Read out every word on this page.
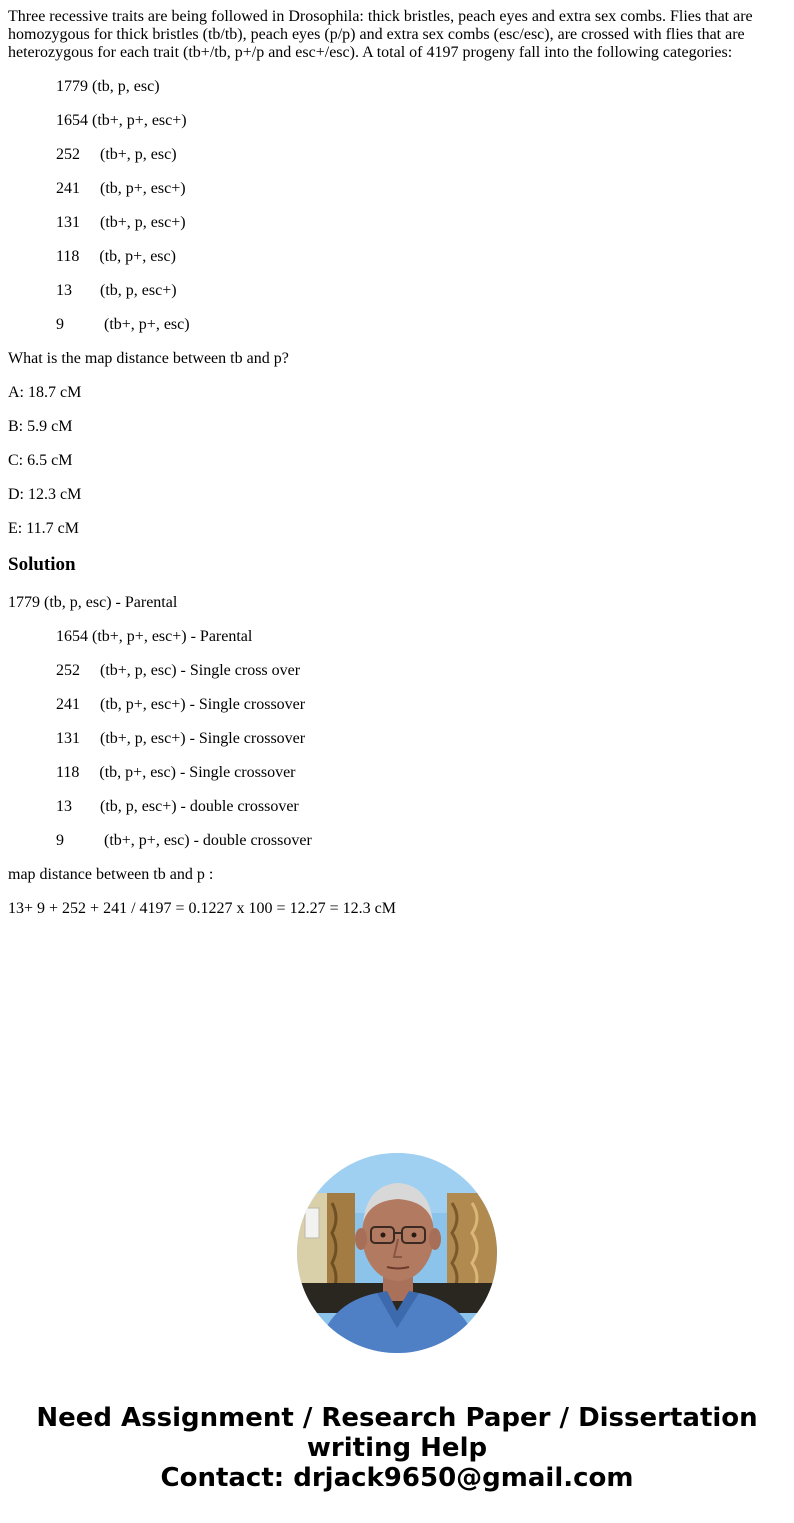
Three recessive traits are being followed in Drosophila: thick bristles, peach eyes and extra sex combs. Flies that are homozygous for thick bristles (tb/tb), peach eyes (p/p) and extra sex combs (esc/esc), are crossed with flies that are heterozygous for each trait (tb+/tb, p+/p and esc+/esc). A total of 4197 progeny fall into the following categories:

1779 (tb, p, esc)
1654 (tb+, p+, esc+)
252     (tb+, p, esc)
241     (tb, p+, esc+)
131     (tb+, p, esc+)
118     (tb, p+, esc)
13       (tb, p, esc+)
9          (tb+, p+, esc)

What is the map distance between tb and p?

A: 18.7 cM

B: 5.9 cM

C: 6.5 cM

D: 12.3 cM

E: 11.7 cM

Solution

1779 (tb, p, esc) - Parental

1654 (tb+, p+, esc+) - Parental
252     (tb+, p, esc) - Single cross over
241     (tb, p+, esc+) - Single crossover
131     (tb+, p, esc+) - Single crossover
118     (tb, p+, esc) - Single crossover
13       (tb, p, esc+) - double crossover
9          (tb+, p+, esc) - double crossover

map distance between tb and p :

13+ 9 + 252 + 241 / 4197 = 0.1227 x 100 = 12.27 = 12.3 cM

Need Assignment / Research Paper / Dissertation
writing Help
Contact: drjack9650@gmail.com
